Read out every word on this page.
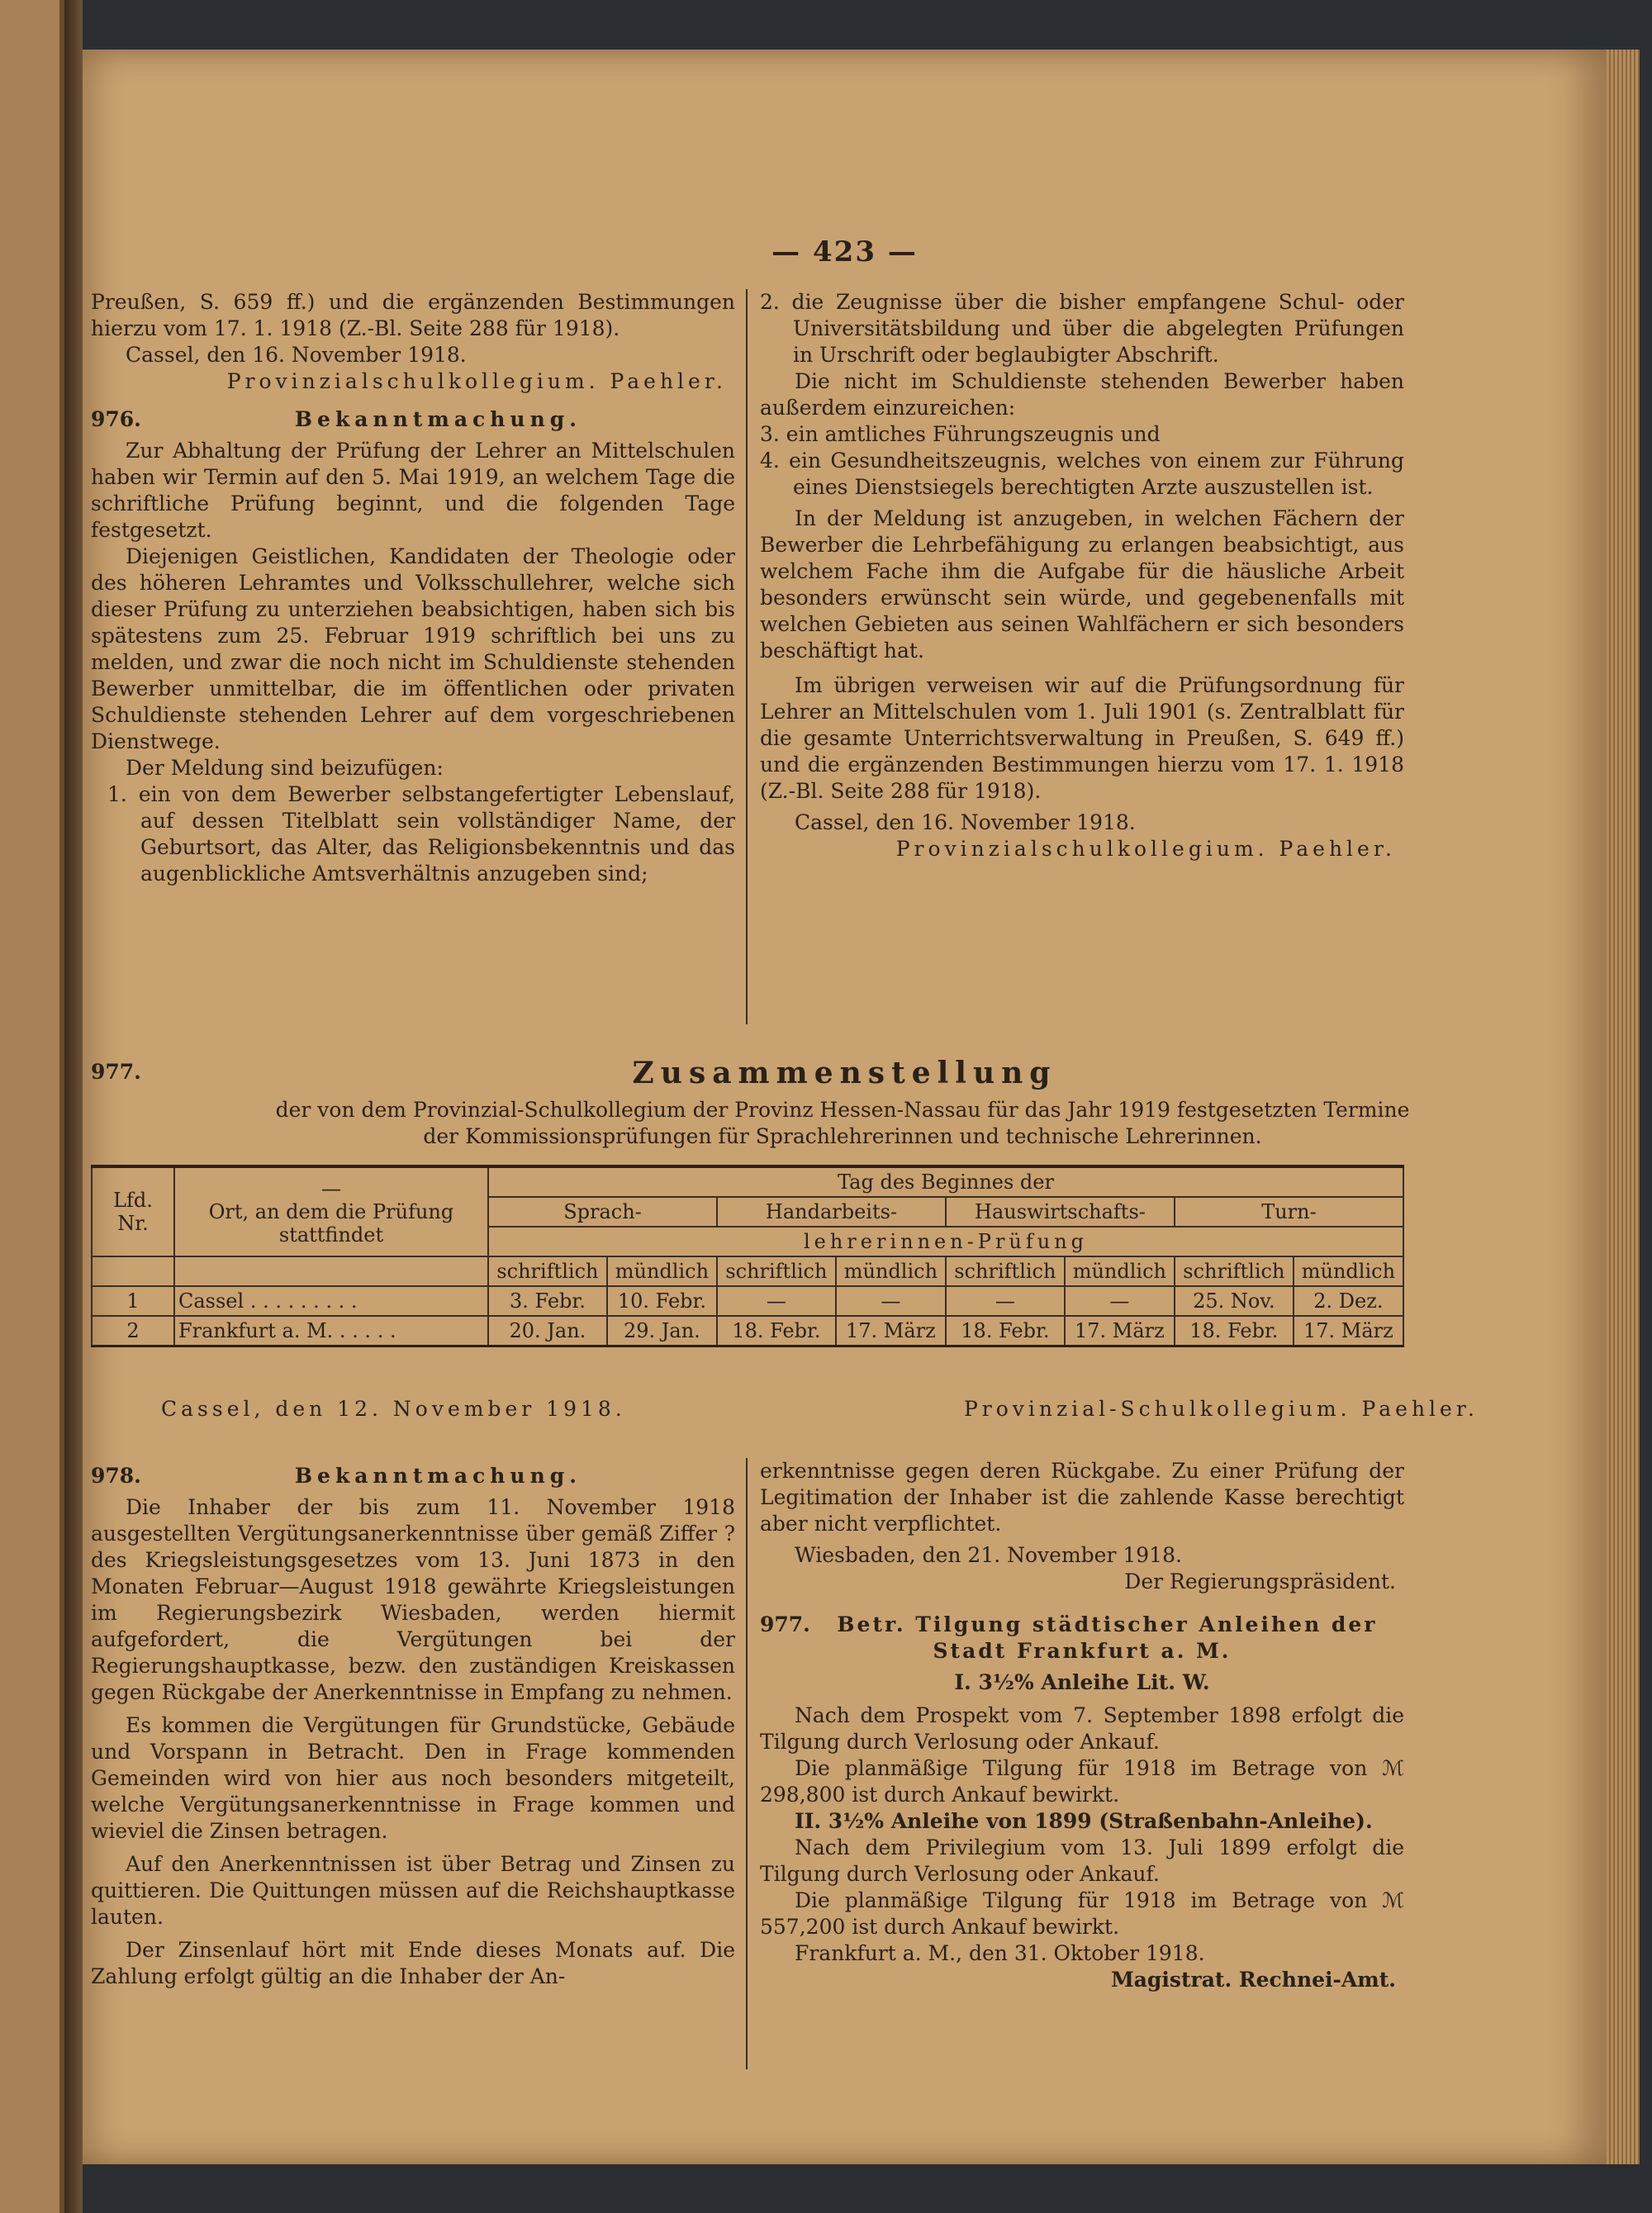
— 423 —

Preußen, S. 659 ff.) und die ergänzenden Bestimmungen hierzu vom 17. 1. 1918 (Z.-Bl. Seite 288 für 1918).

Cassel, den 16. November 1918.

Provinzialschulkollegium. Paehler.

976.	Bekanntmachung.

Zur Abhaltung der Prüfung der Lehrer an Mittelschulen haben wir Termin auf den 5. Mai 1919, an welchem Tage die schriftliche Prüfung beginnt, und die folgenden Tage festgesetzt.

Diejenigen Geistlichen, Kandidaten der Theologie oder des höheren Lehramtes und Volksschullehrer, welche sich dieser Prüfung zu unterziehen beabsichtigen, haben sich bis spätestens zum 25. Februar 1919 schriftlich bei uns zu melden, und zwar die noch nicht im Schuldienste stehenden Bewerber unmittelbar, die im öffentlichen oder privaten Schuldienste stehenden Lehrer auf dem vorgeschriebenen Dienstwege.

Der Meldung sind beizufügen:

1. ein von dem Bewerber selbstangefertigter Lebenslauf, auf dessen Titelblatt sein vollständiger Name, der Geburtsort, das Alter, das Religionsbekenntnis und das augenblickliche Amtsverhältnis anzugeben sind;

2. die Zeugnisse über die bisher empfangene Schul- oder Universitätsbildung und über die abgelegten Prüfungen in Urschrift oder beglaubigter Abschrift.

Die nicht im Schuldienste stehenden Bewerber haben außerdem einzureichen:

3. ein amtliches Führungszeugnis und

4. ein Gesundheitszeugnis, welches von einem zur Führung eines Dienstsiegels berechtigten Arzte auszustellen ist.

In der Meldung ist anzugeben, in welchen Fächern der Bewerber die Lehrbefähigung zu erlangen beabsichtigt, aus welchem Fache ihm die Aufgabe für die häusliche Arbeit besonders erwünscht sein würde, und gegebenenfalls mit welchen Gebieten aus seinen Wahlfächern er sich besonders beschäftigt hat.

Im übrigen verweisen wir auf die Prüfungsordnung für Lehrer an Mittelschulen vom 1. Juli 1901 (s. Zentralblatt für die gesamte Unterrichtsverwaltung in Preußen, S. 649 ff.) und die ergänzenden Bestimmungen hierzu vom 17. 1. 1918 (Z.-Bl. Seite 288 für 1918).

Cassel, den 16. November 1918.

Provinzialschulkollegium. Paehler.

977.	Zusammenstellung
der von dem Provinzial-Schulkollegium der Provinz Hessen-Nassau für das Jahr 1919 festgesetzten Termine
der Kommissionsprüfungen für Sprachlehrerinnen und technische Lehrerinnen.
Lfd. Nr.	—
Ort, an dem die Prüfung stattfindet	Tag des Beginnes der							
		Sprach-		Handarbeits-		Hauswirtschafts-		Turn-	
		lehrerinnen-Prüfung							
		schriftlich	mündlich	schriftlich	mündlich	schriftlich	mündlich	schriftlich	mündlich
1	Cassel . . . . . . . . .	3. Febr.	10. Febr.	—	—	—	—	25. Nov.	2. Dez.
2	Frankfurt a. M. . . . . .	20. Jan.	29. Jan.	18. Febr.	17. März	18. Febr.	17. März	18. Febr.	17. März
Cassel, den 12. November 1918.	Provinzial-Schulkollegium. Paehler.

978.	Bekanntmachung.

Die Inhaber der bis zum 11. November 1918 ausgestellten Vergütungsanerkenntnisse über gemäß Ziffer ? des Kriegsleistungsgesetzes vom 13. Juni 1873 in den Monaten Februar—August 1918 gewährte Kriegsleistungen im Regierungsbezirk Wiesbaden, werden hiermit aufgefordert, die Vergütungen bei der Regierungshauptkasse, bezw. den zuständigen Kreiskassen gegen Rückgabe der Anerkenntnisse in Empfang zu nehmen.

Es kommen die Vergütungen für Grundstücke, Gebäude und Vorspann in Betracht. Den in Frage kommenden Gemeinden wird von hier aus noch besonders mitgeteilt, welche Vergütungsanerkenntnisse in Frage kommen und wieviel die Zinsen betragen.

Auf den Anerkenntnissen ist über Betrag und Zinsen zu quittieren. Die Quittungen müssen auf die Reichshauptkasse lauten.

Der Zinsenlauf hört mit Ende dieses Monats auf. Die Zahlung erfolgt gültig an die Inhaber der An-

erkenntnisse gegen deren Rückgabe. Zu einer Prüfung der Legitimation der Inhaber ist die zahlende Kasse berechtigt aber nicht verpflichtet.

Wiesbaden, den 21. November 1918.

Der Regierungspräsident.

977. Betr. Tilgung städtischer Anleihen der Stadt Frankfurt a. M.

I. 3½% Anleihe Lit. W.

Nach dem Prospekt vom 7. September 1898 erfolgt die Tilgung durch Verlosung oder Ankauf.

Die planmäßige Tilgung für 1918 im Betrage von ℳ 298,800 ist durch Ankauf bewirkt.

II. 3½% Anleihe von 1899 (Straßenbahn-Anleihe).

Nach dem Privilegium vom 13. Juli 1899 erfolgt die Tilgung durch Verlosung oder Ankauf.

Die planmäßige Tilgung für 1918 im Betrage von ℳ 557,200 ist durch Ankauf bewirkt.

Frankfurt a. M., den 31. Oktober 1918.

Magistrat. Rechnei-Amt.
